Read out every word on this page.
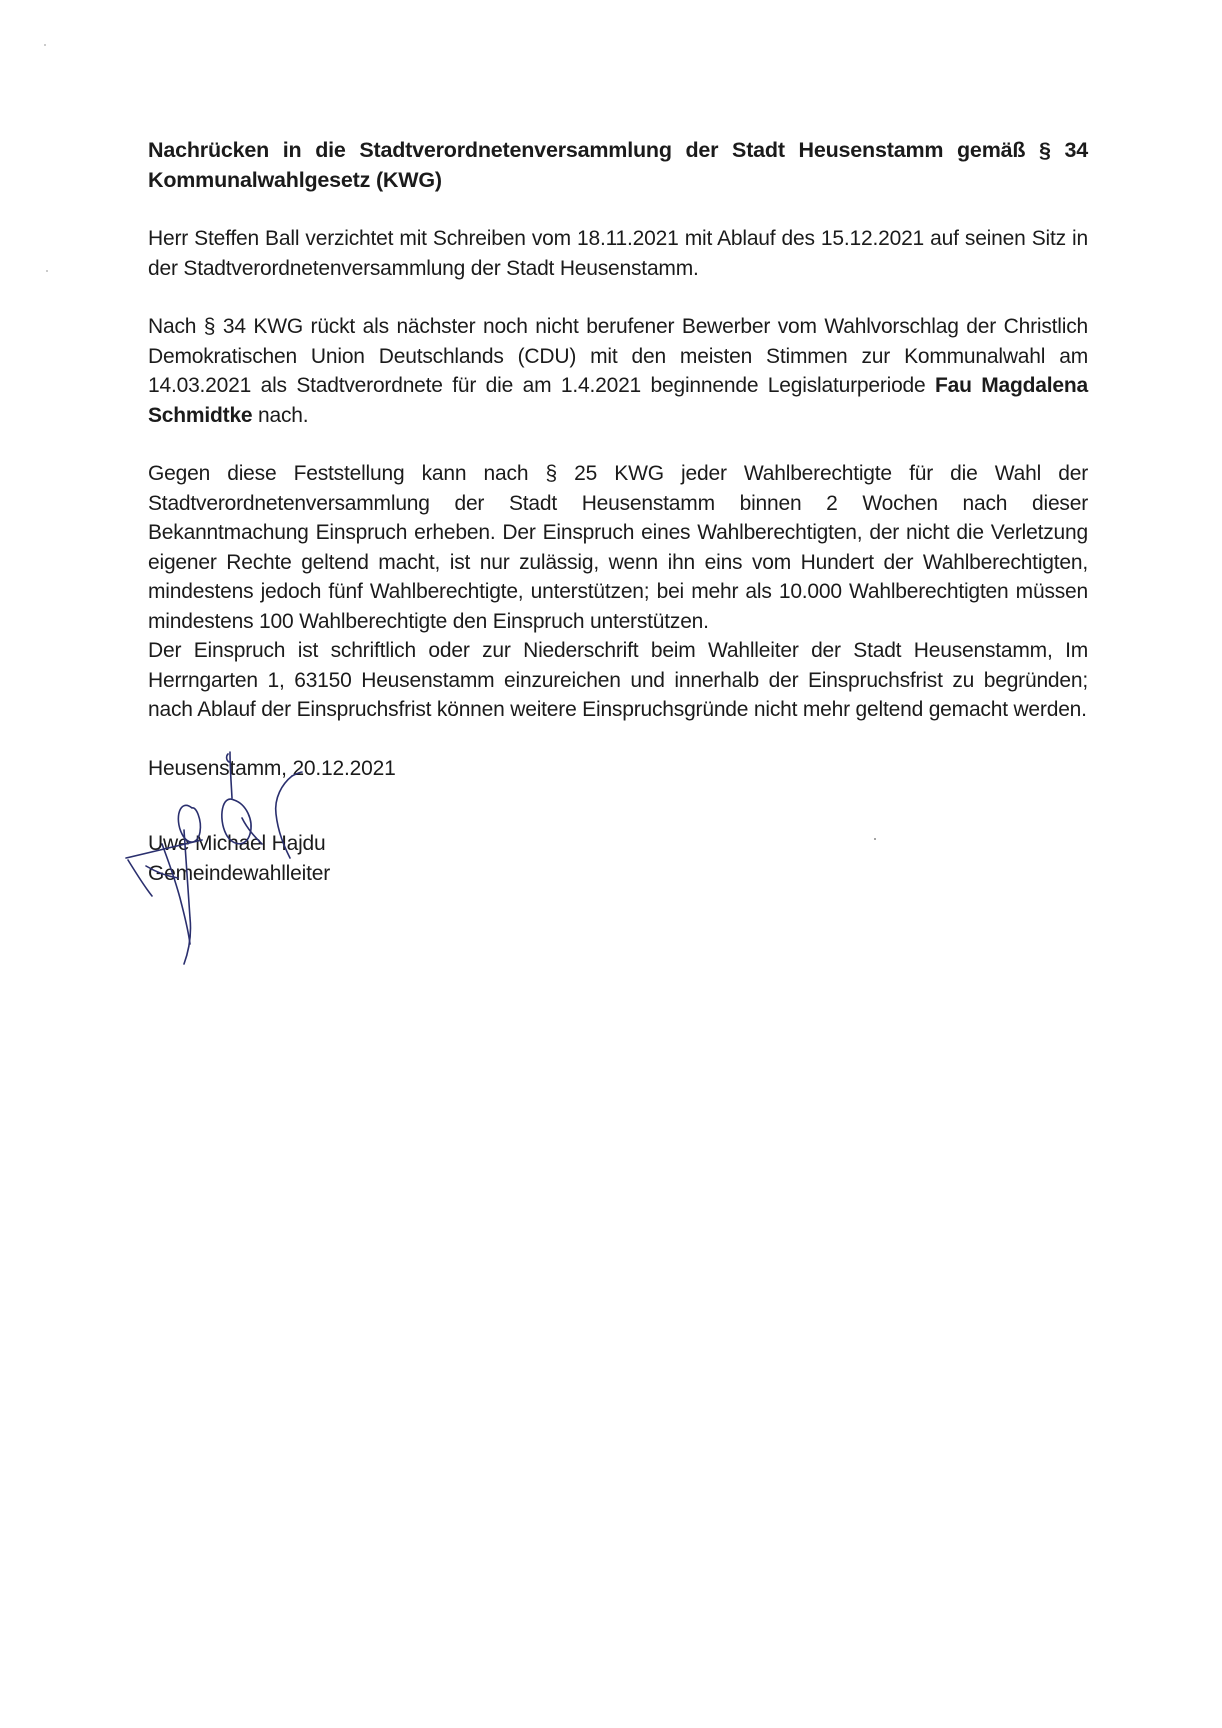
Nachrücken in die Stadtverordnetenversammlung der Stadt Heusenstamm gemäß § 34 Kommunalwahlgesetz (KWG)

Herr Steffen Ball verzichtet mit Schreiben vom 18.11.2021 mit Ablauf des 15.12.2021 auf seinen Sitz in der Stadtverordnetenversammlung der Stadt Heusenstamm.

Nach § 34 KWG rückt als nächster noch nicht berufener Bewerber vom Wahlvorschlag der Christlich Demokratischen Union Deutschlands (CDU) mit den meisten Stimmen zur Kommunalwahl am 14.03.2021 als Stadtverordnete für die am 1.4.2021 beginnende Legislaturperiode Fau Magdalena Schmidtke nach.

Gegen diese Feststellung kann nach § 25 KWG jeder Wahlberechtigte für die Wahl der Stadtverordnetenversammlung der Stadt Heusenstamm binnen 2 Wochen nach dieser Bekanntmachung Einspruch erheben. Der Einspruch eines Wahlberechtigten, der nicht die Verletzung eigener Rechte geltend macht, ist nur zulässig, wenn ihn eins vom Hundert der Wahlberechtigten, mindestens jedoch fünf Wahlberechtigte, unterstützen; bei mehr als 10.000 Wahlberechtigten müssen mindestens 100 Wahlberechtigte den Einspruch unterstützen.

Der Einspruch ist schriftlich oder zur Niederschrift beim Wahlleiter der Stadt Heusenstamm, Im Herrngarten 1, 63150 Heusenstamm einzureichen und innerhalb der Einspruchsfrist zu begründen; nach Ablauf der Einspruchsfrist können weitere Einspruchsgründe nicht mehr geltend gemacht werden.

Heusenstamm, 20.12.2021
Uwe Michael Hajdu
Gemeindewahlleiter
